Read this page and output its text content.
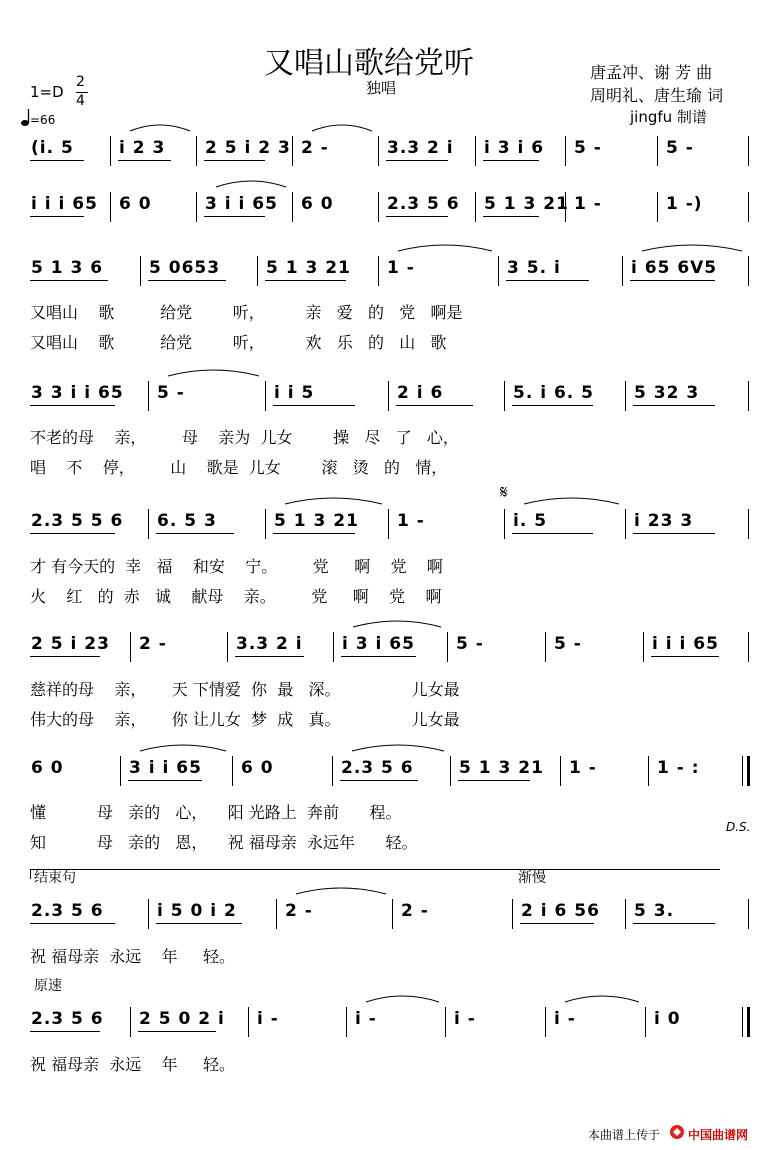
又唱山歌给党听
独唱
唐孟冲、谢 芳 曲
周明礼、唐生瑜 词
jingfu 制谱
1=D
2
4
=66
(i. 5	i 2 3	2 5 i 2 3 2 -	3.3 2 i	i 3 i 6	5 -	5 -
i i i 65	6 0	3 i i 65	6 0	2.3 5 6	5 1 3 21 1 -	1 -)
5 1 3 6	5 0653	5 1 3 21	1 -	3 5. i	i 65 6V5
又唱山    歌         给党        听，        亲   爱   的   党   啊是
又唱山    歌         给党        听，        欢   乐   的   山   歌
3 3 i i 65	5 -	i i 5	2 i 6	5. i 6. 5	5 32 3
不老的母    亲，       母    亲为  儿女        操   尽   了   心，
唱    不    停，       山    歌是  儿女        滚   烫   的   情，
2.3 5 5 6	6. 5 3	5 1 3 21	1 -	i. 5	i 23 3
才 有今天的  幸   福    和安    宁。       党     啊    党    啊
火    红   的  赤   诚    献母    亲。       党     啊    党    啊
2 5 i 23	2 -	3.3 2 i	i 3 i 65	5 -	5 -	i i i 65
慈祥的母    亲，     天 下情爱  你  最   深。              儿女最
伟大的母    亲，     你 让儿女  梦  成   真。              儿女最
6 0	3 i i 65	6 0	2.3 5 6	5 1 3 21	1 -	1 - :
懂          母   亲的   心，    阳 光路上  奔前      程。
知          母   亲的   恩，    祝 福母亲  永远年      轻。
D.S.
结束句	渐慢
2.3 5 6	i 5 0 i 2	2 -	2 -	2 i 6 56	5 3.
祝 福母亲  永远    年     轻。
原速
2.3 5 6	2 5 0 2 i	i -	i -	i -	i -	i 0
祝 福母亲  永远    年     轻。
𝄋
本曲谱上传于 中国曲谱网
